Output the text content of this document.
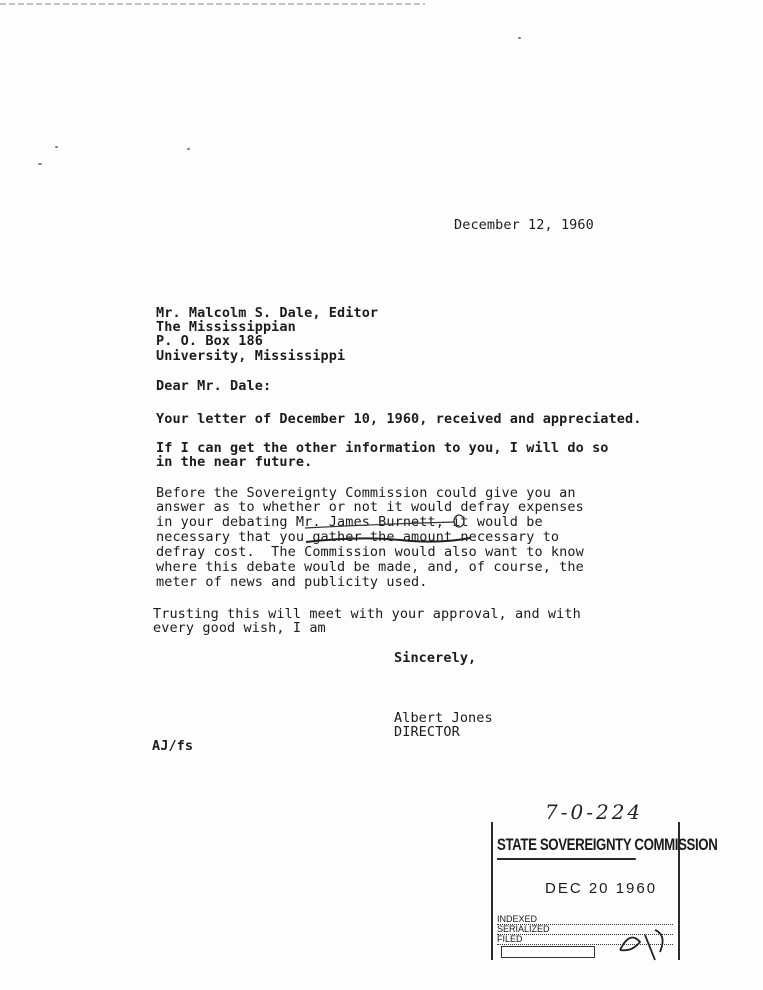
December 12, 1960
Mr. Malcolm S. Dale, Editor
The Mississippian
P. O. Box 186
University, Mississippi
Dear Mr. Dale:
Your letter of December 10, 1960, received and appreciated.
If I can get the other information to you, I will do so
in the near future.
Before the Sovereignty Commission could give you an
answer as to whether or not it would defray expenses
in your debating Mr. James Burnett, it would be
necessary that you gather the amount necessary to
defray cost.  The Commission would also want to know
where this debate would be made, and, of course, the
meter of news and publicity used.
Trusting this will meet with your approval, and with
every good wish, I am
Sincerely,
Albert Jones
DIRECTOR
AJ/fs
7-0-224
STATE SOVEREIGNTY COMMISSION
DEC 20 1960
INDEXED
SERIALIZED
FILED
